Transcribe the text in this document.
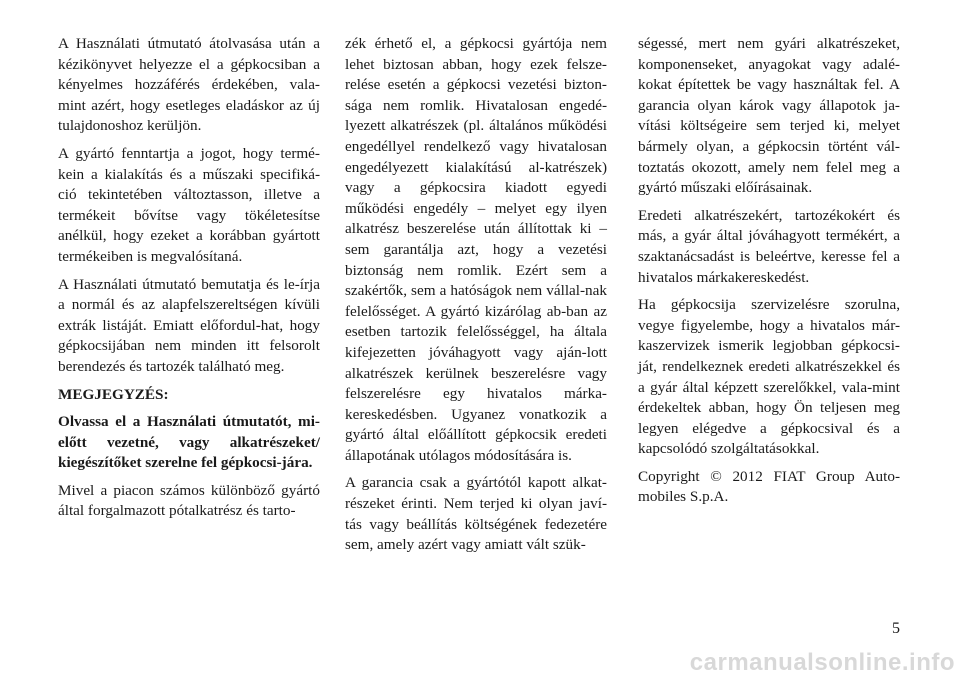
A Használati útmutató átolvasása után a kézikönyvet helyezze el a gépkocsiban a kényelmes hozzáférés érdekében, vala-mint azért, hogy esetleges eladáskor az új tulajdonoshoz kerüljön.

A gyártó fenntartja a jogot, hogy termé-kein a kialakítás és a műszaki specifiká-ció tekintetében változtasson, illetve a termékeit bővítse vagy tökéletesítse anélkül, hogy ezeket a korábban gyártott termékeiben is megvalósítaná.

A Használati útmutató bemutatja és le-írja a normál és az alapfelszereltségen kívüli extrák listáját. Emiatt előfordul-hat, hogy gépkocsijában nem minden itt felsorolt berendezés és tartozék található meg.

MEGJEGYZÉS:

Olvassa el a Használati útmutatót, mi-előtt vezetné, vagy alkatrészeket/ kiegészítőket szerelne fel gépkocsi-jára.

Mivel a piacon számos különböző gyártó által forgalmazott pótalkatrész és tarto-

zék érhető el, a gépkocsi gyártója nem lehet biztosan abban, hogy ezek felsze-relése esetén a gépkocsi vezetési bizton-sága nem romlik. Hivatalosan engedé-lyezett alkatrészek (pl. általános működési engedéllyel rendelkező vagy hivatalosan engedélyezett kialakítású al-katrészek) vagy a gépkocsira kiadott egyedi működési engedély – melyet egy ilyen alkatrész beszerelése után állítottak ki – sem garantálja azt, hogy a vezetési biztonság nem romlik. Ezért sem a szakértők, sem a hatóságok nem vállal-nak felelősséget. A gyártó kizárólag ab-ban az esetben tartozik felelősséggel, ha általa kifejezetten jóváhagyott vagy aján-lott alkatrészek kerülnek beszerelésre vagy felszerelésre egy hivatalos márka-kereskedésben. Ugyanez vonatkozik a gyártó által előállított gépkocsik eredeti állapotának utólagos módosítására is.

A garancia csak a gyártótól kapott alkat-részeket érinti. Nem terjed ki olyan javí-tás vagy beállítás költségének fedezetére sem, amely azért vagy amiatt vált szük-

ségessé, mert nem gyári alkatrészeket, komponenseket, anyagokat vagy adalé-kokat építettek be vagy használtak fel. A garancia olyan károk vagy állapotok ja-vítási költségeire sem terjed ki, melyet bármely olyan, a gépkocsin történt vál-toztatás okozott, amely nem felel meg a gyártó műszaki előírásainak.

Eredeti alkatrészekért, tartozékokért és más, a gyár által jóváhagyott termékért, a szaktanácsadást is beleértve, keresse fel a hivatalos márkakereskedést.

Ha gépkocsija szervizelésre szorulna, vegye figyelembe, hogy a hivatalos már-kaszervizek ismerik legjobban gépkocsi-ját, rendelkeznek eredeti alkatrészekkel és a gyár által képzett szerelőkkel, vala-mint érdekeltek abban, hogy Ön teljesen meg legyen elégedve a gépkocsival és a kapcsolódó szolgáltatásokkal.

Copyright © 2012 FIAT Group Auto-mobiles S.p.A.

5
carmanualsonline.info
